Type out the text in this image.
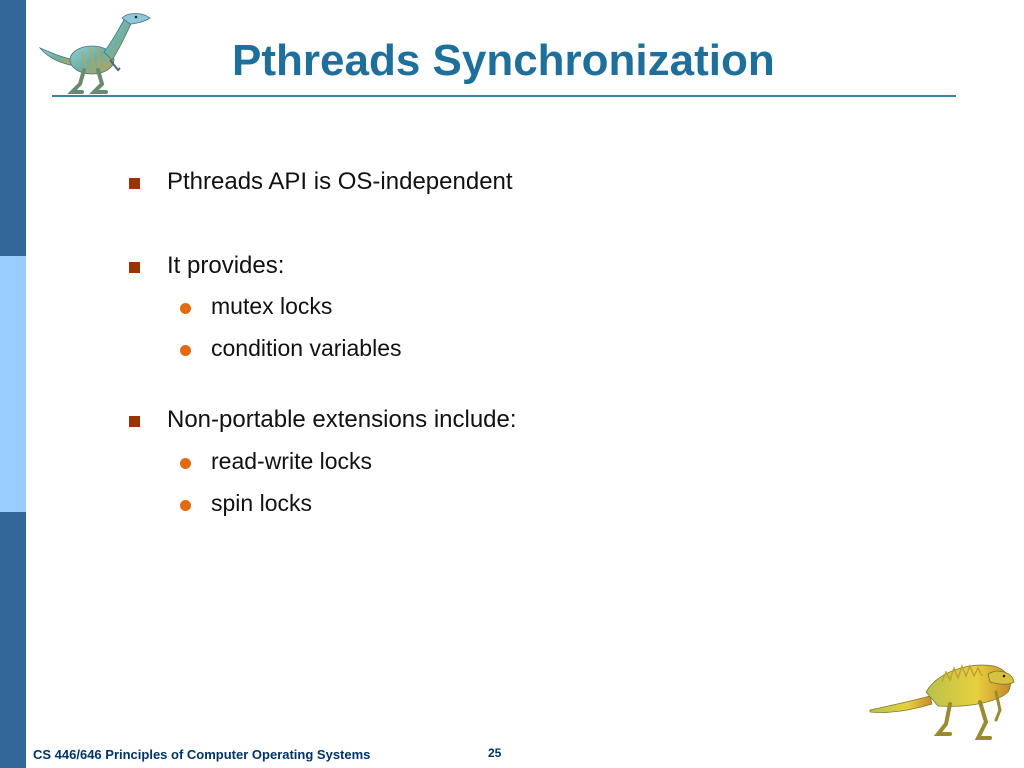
Pthreads Synchronization
Pthreads API is OS-independent
It provides:
mutex locks
condition variables
Non-portable extensions include:
read-write locks
spin locks
CS 446/646 Principles of Computer Operating Systems	25
